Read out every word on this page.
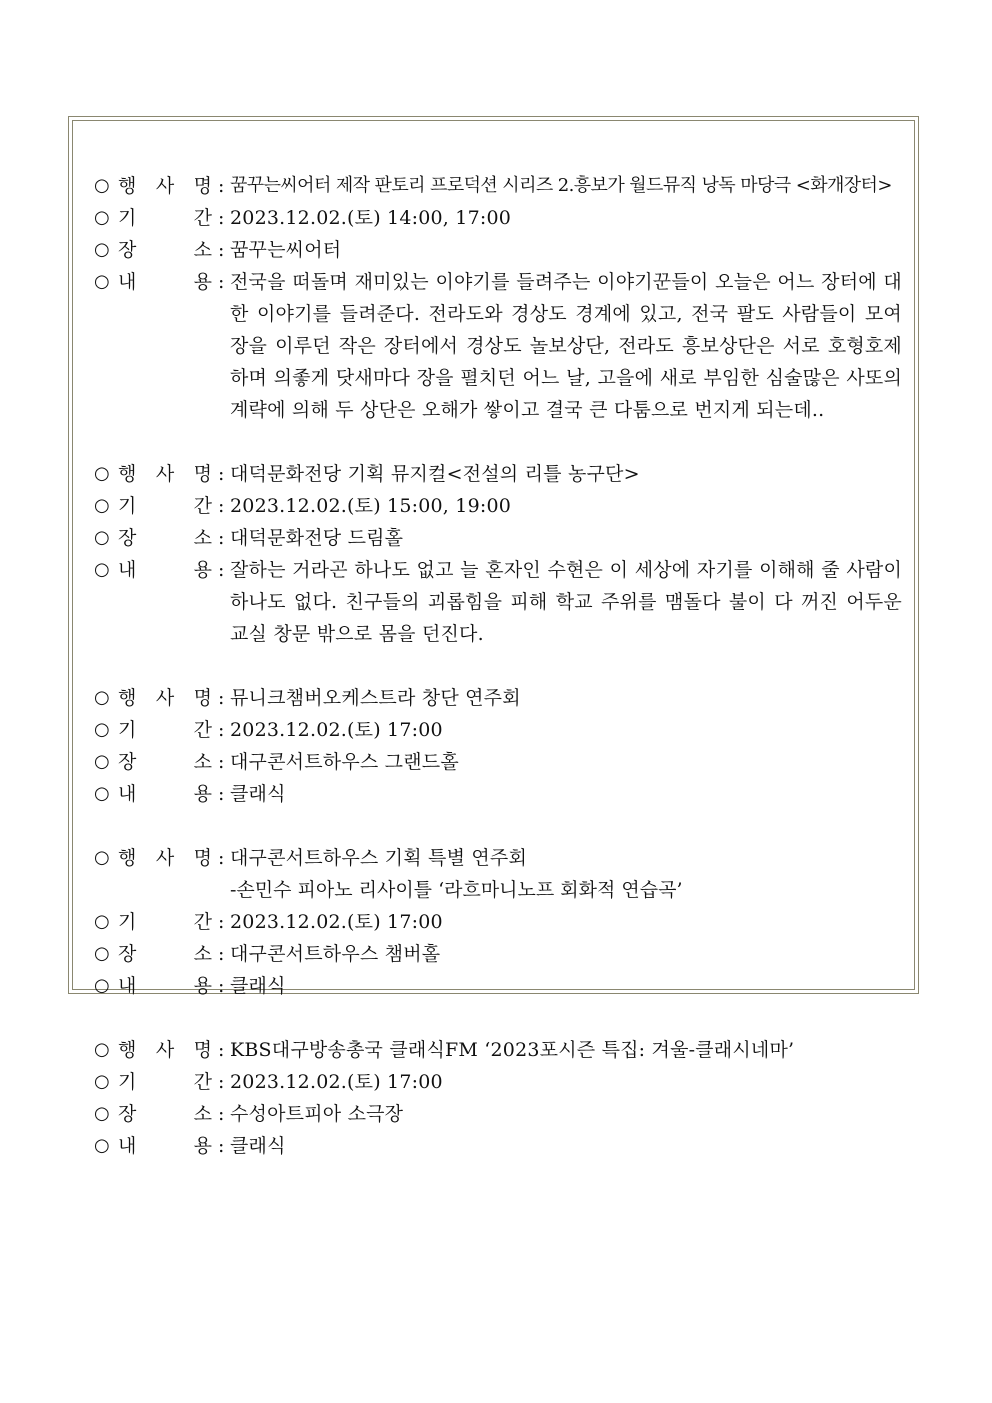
○ 행 사 명 : 꿈꾸는씨어터 제작 판토리 프로덕션 시리즈 2.흥보가 월드뮤직 낭독 마당극 <화개장터>
○ 기	간 : 2023.12.02.(토) 14:00, 17:00
○ 장	소 : 꿈꾸는씨어터
○ 내	용 : 전국을 떠돌며 재미있는 이야기를 들려주는 이야기꾼들이 오늘은 어느 장터에 대한 이야기를 들려준다. 전라도와 경상도 경계에 있고, 전국 팔도 사람들이 모여 장을 이루던 작은 장터에서 경상도 놀보상단, 전라도 흥보상단은 서로 호형호제하며 의좋게 닷새마다 장을 펼치던 어느 날, 고을에 새로 부임한 심술많은 사또의 계략에 의해 두 상단은 오해가 쌓이고 결국 큰 다툼으로 번지게 되는데..
○ 행 사 명 : 대덕문화전당 기획 뮤지컬<전설의 리틀 농구단>
○ 기	간 : 2023.12.02.(토) 15:00, 19:00
○ 장	소 : 대덕문화전당 드림홀
○ 내	용 : 잘하는 거라곤 하나도 없고 늘 혼자인 수현은 이 세상에 자기를 이해해 줄 사람이 하나도 없다. 친구들의 괴롭힘을 피해 학교 주위를 맴돌다 불이 다 꺼진 어두운 교실 창문 밖으로 몸을 던진다.
○ 행 사 명 : 뮤니크챔버오케스트라 창단 연주회
○ 기	간 : 2023.12.02.(토) 17:00
○ 장	소 : 대구콘서트하우스 그랜드홀
○ 내	용 : 클래식
○ 행 사 명 : 대구콘서트하우스 기획 특별 연주회
-손민수 피아노 리사이틀 ‘라흐마니노프 회화적 연습곡’
○ 기	간 : 2023.12.02.(토) 17:00
○ 장	소 : 대구콘서트하우스 챔버홀
○ 내	용 : 클래식
○ 행 사 명 : KBS대구방송총국 클래식FM ‘2023포시즌 특집: 겨울-클래시네마’
○ 기	간 : 2023.12.02.(토) 17:00
○ 장	소 : 수성아트피아 소극장
○ 내	용 : 클래식
